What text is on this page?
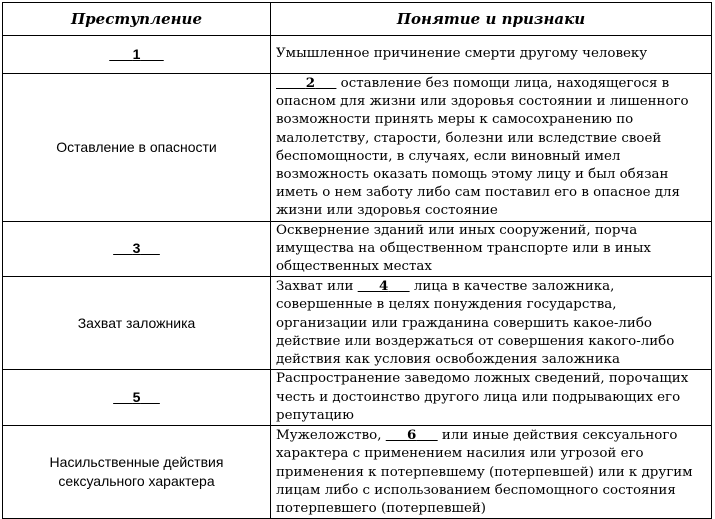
Преступление	Понятие и признаки
1	Умышленное причинение смерти другому человеку
Оставление в опасности	2      оставление без помощи лица, находящегося в опасном для жизни или здоровья состоянии и лишенного возможности принять меры к самосохранению по малолетству, старости, болезни или вследствие своей беспомощности, в случаях, если виновный имел возможность оказать помощь этому лицу и был обязан иметь о нем заботу либо сам поставил его в опасное для жизни или здоровья состояние
3	Осквернение зданий или иных сооружений, порча имущества на общественном транспорте или в иных общественных местах
Захват заложника	Захват или      4      лица в качестве заложника, совершенные в целях понуждения государства, организации или гражданина совершить какое-либо действие или воздержаться от совершения какого-либо действия как условия освобождения заложника
5	Распространение заведомо ложных сведений, порочащих честь и достоинство другого лица или подрывающих его репутацию
Насильственные действия сексуального характера	Мужеложство,      6      или иные действия сексуального характера с применением насилия или угрозой его применения к потерпевшему (потерпевшей) или к другим лицам либо с использованием беспомощного состояния потерпевшего (потерпевшей)
